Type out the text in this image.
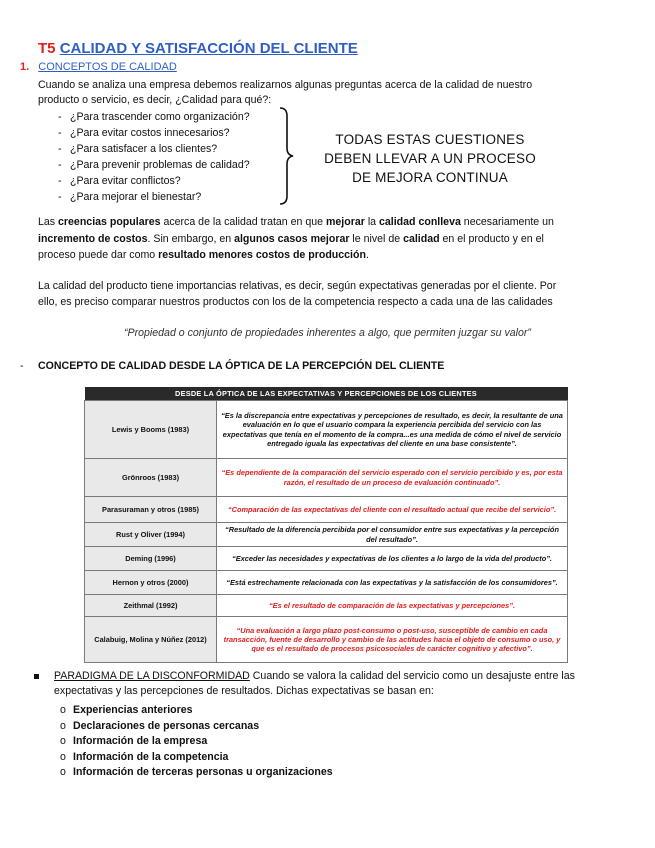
T5 CALIDAD Y SATISFACCIÓN DEL CLIENTE
1. CONCEPTOS DE CALIDAD
Cuando se analiza una empresa debemos realizarnos algunas preguntas acerca de la calidad de nuestro
producto o servicio, es decir, ¿Calidad para qué?:
- ¿Para trascender como organización?
- ¿Para evitar costos innecesarios?
- ¿Para satisfacer a los clientes?
- ¿Para prevenir problemas de calidad?
- ¿Para evitar conflictos?
- ¿Para mejorar el bienestar?
TODAS ESTAS CUESTIONES
DEBEN LLEVAR A UN PROCESO
DE MEJORA CONTINUA
Las creencias populares acerca de la calidad tratan en que mejorar la calidad conlleva necesariamente un
incremento de costos. Sin embargo, en algunos casos mejorar le nivel de calidad en el producto y en el
proceso puede dar como resultado menores costos de producción.
La calidad del producto tiene importancias relativas, es decir, según expectativas generadas por el cliente. Por
ello, es preciso comparar nuestros productos con los de la competencia respecto a cada una de las calidades
“Propiedad o conjunto de propiedades inherentes a algo, que permiten juzgar su valor”
- CONCEPTO DE CALIDAD DESDE LA ÓPTICA DE LA PERCEPCIÓN DEL CLIENTE
DESDE LA ÓPTICA DE LAS EXPECTATIVAS Y PERCEPCIONES DE LOS CLIENTES	
Lewis y Booms (1983)	“Es la discrepancia entre expectativas y percepciones de resultado, es decir, la resultante de una evaluación en lo que el usuario compara la experiencia percibida del servicio con las expectativas que tenía en el momento de la compra...es una medida de cómo el nivel de servicio entregado iguala las expectativas del cliente en una base consistente”.
Grönroos (1983)	“Es dependiente de la comparación del servicio esperado con el servicio percibido y es, por esta razón, el resultado de un proceso de evaluación continuado”.
Parasuraman y otros (1985)	“Comparación de las expectativas del cliente con el resultado actual que recibe del servicio”.
Rust y Oliver (1994)	“Resultado de la diferencia percibida por el consumidor entre sus expectativas y la percepción del resultado”.
Deming (1996)	“Exceder las necesidades y expectativas de los clientes a lo largo de la vida del producto”.
Hernon y otros (2000)	“Está estrechamente relacionada con las expectativas y la satisfacción de los consumidores”.
Zeithmal (1992)	“Es el resultado de comparación de las expectativas y percepciones”.
Calabuig, Molina y Núñez (2012)	“Una evaluación a largo plazo post-consumo o post-uso, susceptible de cambio en cada transacción, fuente de desarrollo y cambio de las actitudes hacia el objeto de consumo o uso, y que es el resultado de procesos psicosociales de carácter cognitivo y afectivo”.
PARADIGMA DE LA DISCONFORMIDAD Cuando se valora la calidad del servicio como un desajuste entre las
expectativas y las percepciones de resultados. Dichas expectativas se basan en:
o Experiencias anteriores
o Declaraciones de personas cercanas
o Información de la empresa
o Información de la competencia
o Información de terceras personas u organizaciones
